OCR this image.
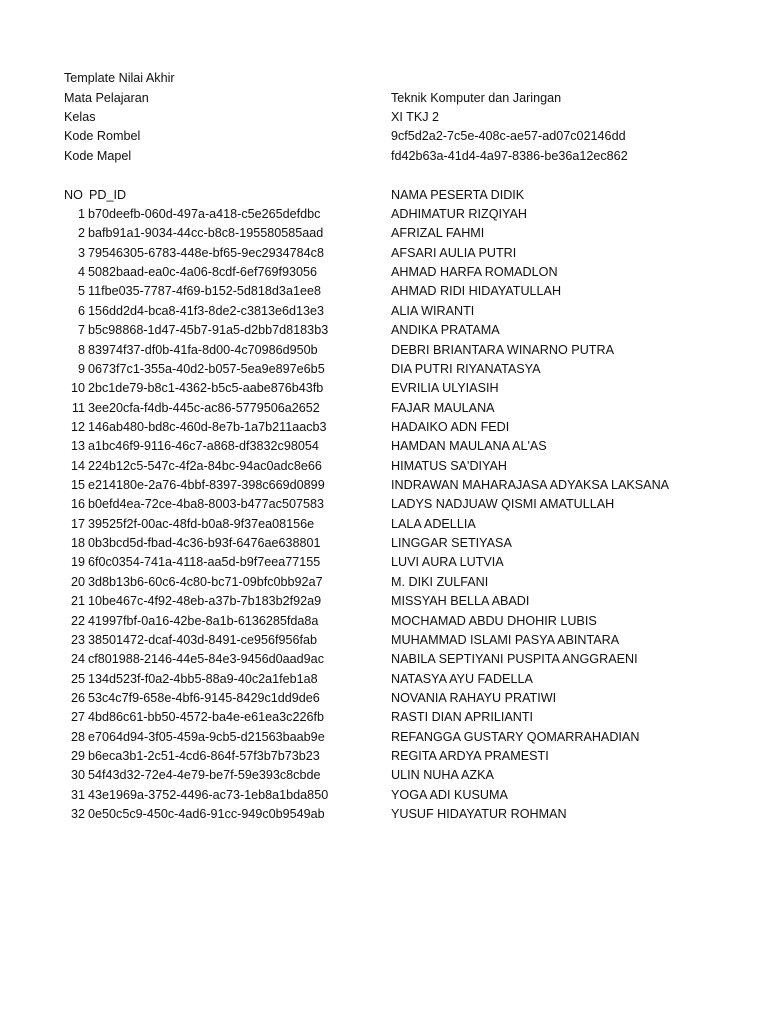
Template Nilai Akhir
Mata Pelajaran	Teknik Komputer dan Jaringan
Kelas	XI TKJ 2
Kode Rombel	9cf5d2a2-7c5e-408c-ae57-ad07c02146dd
Kode Mapel	fd42b63a-41d4-4a97-8386-be36a12ec862
NO PD_ID	NAMA PESERTA DIDIK
1 b70deefb-060d-497a-a418-c5e265defdbc	ADHIMATUR RIZQIYAH
2 bafb91a1-9034-44cc-b8c8-195580585aad	AFRIZAL FAHMI
3 79546305-6783-448e-bf65-9ec2934784c8	AFSARI AULIA PUTRI
4 5082baad-ea0c-4a06-8cdf-6ef769f93056	AHMAD HARFA ROMADLON
5 11fbe035-7787-4f69-b152-5d818d3a1ee8	AHMAD RIDI HIDAYATULLAH
6 156dd2d4-bca8-41f3-8de2-c3813e6d13e3	ALIA WIRANTI
7 b5c98868-1d47-45b7-91a5-d2bb7d8183b3	ANDIKA PRATAMA
8 83974f37-df0b-41fa-8d00-4c70986d950b	DEBRI BRIANTARA WINARNO PUTRA
9 0673f7c1-355a-40d2-b057-5ea9e897e6b5	DIA PUTRI RIYANATASYA
10 2bc1de79-b8c1-4362-b5c5-aabe876b43fb	EVRILIA ULYIASIH
11 3ee20cfa-f4db-445c-ac86-5779506a2652	FAJAR MAULANA
12 146ab480-bd8c-460d-8e7b-1a7b211aacb3	HADAIKO ADN FEDI
13 a1bc46f9-9116-46c7-a868-df3832c98054	HAMDAN MAULANA AL'AS
14 224b12c5-547c-4f2a-84bc-94ac0adc8e66	HIMATUS SA'DIYAH
15 e214180e-2a76-4bbf-8397-398c669d0899	INDRAWAN MAHARAJASA ADYAKSA LAKSANA
16 b0efd4ea-72ce-4ba8-8003-b477ac507583	LADYS NADJUAW QISMI AMATULLAH
17 39525f2f-00ac-48fd-b0a8-9f37ea08156e	LALA ADELLIA
18 0b3bcd5d-fbad-4c36-b93f-6476ae638801	LINGGAR SETIYASA
19 6f0c0354-741a-4118-aa5d-b9f7eea77155	LUVI AURA LUTVIA
20 3d8b13b6-60c6-4c80-bc71-09bfc0bb92a7	M. DIKI ZULFANI
21 10be467c-4f92-48eb-a37b-7b183b2f92a9	MISSYAH BELLA ABADI
22 41997fbf-0a16-42be-8a1b-6136285fda8a	MOCHAMAD ABDU DHOHIR LUBIS
23 38501472-dcaf-403d-8491-ce956f956fab	MUHAMMAD ISLAMI PASYA ABINTARA
24 cf801988-2146-44e5-84e3-9456d0aad9ac	NABILA SEPTIYANI PUSPITA ANGGRAENI
25 134d523f-f0a2-4bb5-88a9-40c2a1feb1a8	NATASYA AYU FADELLA
26 53c4c7f9-658e-4bf6-9145-8429c1dd9de6	NOVANIA RAHAYU PRATIWI
27 4bd86c61-bb50-4572-ba4e-e61ea3c226fb	RASTI DIAN APRILIANTI
28 e7064d94-3f05-459a-9cb5-d21563baab9e	REFANGGA GUSTARY QOMARRAHADIAN
29 b6eca3b1-2c51-4cd6-864f-57f3b7b73b23	REGITA ARDYA PRAMESTI
30 54f43d32-72e4-4e79-be7f-59e393c8cbde	ULIN NUHA AZKA
31 43e1969a-3752-4496-ac73-1eb8a1bda850	YOGA ADI KUSUMA
32 0e50c5c9-450c-4ad6-91cc-949c0b9549ab	YUSUF HIDAYATUR ROHMAN
